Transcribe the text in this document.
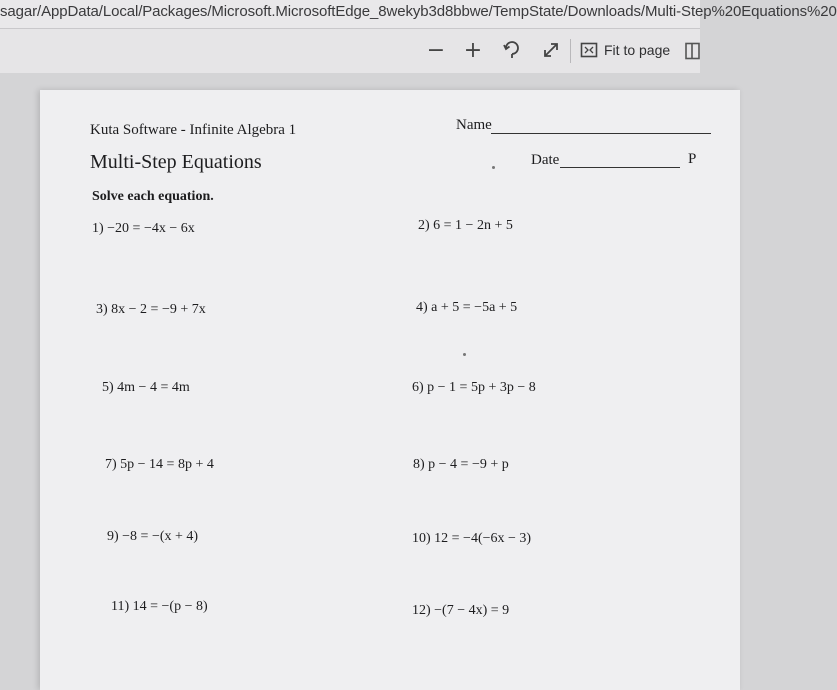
sagar/AppData/Local/Packages/Microsoft.MicrosoftEdge_8wekyb3d8bbwe/TempState/Downloads/Multi-Step%20Equations%20
− +	Fit to page
Kuta Software - Infinite Algebra 1
Multi-Step Equations
Solve each equation.
Name
Date	P
1) −20 = −4x − 6x	2) 6 = 1 − 2n + 5
3) 8x − 2 = −9 + 7x	4) a + 5 = −5a + 5
5) 4m − 4 = 4m	6) p − 1 = 5p + 3p − 8
7) 5p − 14 = 8p + 4	8) p − 4 = −9 + p
9) −8 = −(x + 4)	10) 12 = −4(−6x − 3)
11) 14 = −(p − 8)	12) −(7 − 4x) = 9
